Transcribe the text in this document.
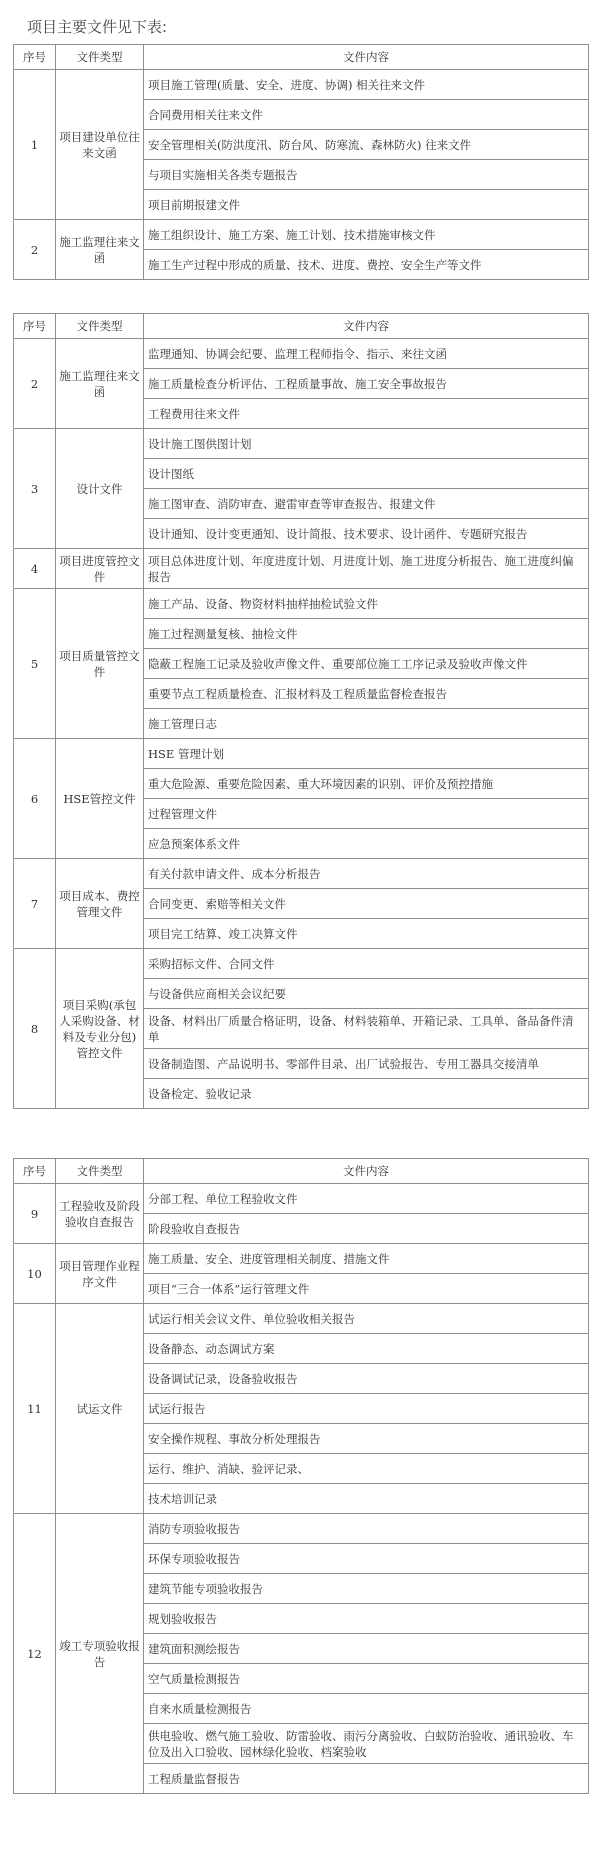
项目主要文件见下表:
序号	文件类型	文件内容
1	项目建设单位往来文函	项目施工管理(质量、安全、进度、协调) 相关往来文件
		合同费用相关往来文件
		安全管理相关(防洪度汛、防台风、防寒流、森林防火) 往来文件
		与项目实施相关各类专题报告
		项目前期报建文件
2	施工监理往来文函	施工组织设计、施工方案、施工计划、技术措施审核文件
		施工生产过程中形成的质量、技术、进度、费控、安全生产等文件
序号	文件类型	文件内容
2	施工监理往来文函	监理通知、协调会纪要、监理工程师指令、指示、来往文函
		施工质量检查分析评估、工程质量事故、施工安全事故报告
		工程费用往来文件
3	设计文件	设计施工图供图计划
		设计图纸
		施工图审查、消防审查、避雷审查等审查报告、报建文件
		设计通知、设计变更通知、设计简报、技术要求、设计函件、专题研究报告
4	项目进度管控文件	项目总体进度计划、年度进度计划、月进度计划、施工进度分析报告、施工进度纠偏报告
5	项目质量管控文件	施工产品、设备、物资材料抽样抽检试验文件
		施工过程测量复核、抽检文件
		隐蔽工程施工记录及验收声像文件、重要部位施工工序记录及验收声像文件
		重要节点工程质量检查、汇报材料及工程质量监督检查报告
		施工管理日志
6	HSE管控文件	HSE 管理计划
		重大危险源、重要危险因素、重大环境因素的识别、评价及预控措施
		过程管理文件
		应急预案体系文件
7	项目成本、费控管理文件	有关付款申请文件、成本分析报告
		合同变更、索赔等相关文件
		项目完工结算、竣工决算文件
8	项目采购(承包人采购设备、材料及专业分包) 管控文件	采购招标文件、合同文件
		与设备供应商相关会议纪要
		设备、材料出厂质量合格证明，设备、材料装箱单、开箱记录、工具单、备品备件清单
		设备制造图、产品说明书、零部件目录、出厂试验报告、专用工器具交接清单
		设备检定、验收记录
序号	文件类型	文件内容
9	工程验收及阶段验收自查报告	分部工程、单位工程验收文件
		阶段验收自查报告
10	项目管理作业程序文件	施工质量、安全、进度管理相关制度、措施文件
		项目“三合一体系”运行管理文件
11	试运文件	试运行相关会议文件、单位验收相关报告
		设备静态、动态调试方案
		设备调试记录，设备验收报告
		试运行报告
		安全操作规程、事故分析处理报告
		运行、维护、消缺、验评记录、
		技术培训记录
12	竣工专项验收报告	消防专项验收报告
		环保专项验收报告
		建筑节能专项验收报告
		规划验收报告
		建筑面积测绘报告
		空气质量检测报告
		自来水质量检测报告
		供电验收、燃气施工验收、防雷验收、雨污分离验收、白蚁防治验收、通讯验收、车位及出入口验收、园林绿化验收、档案验收
		工程质量监督报告
